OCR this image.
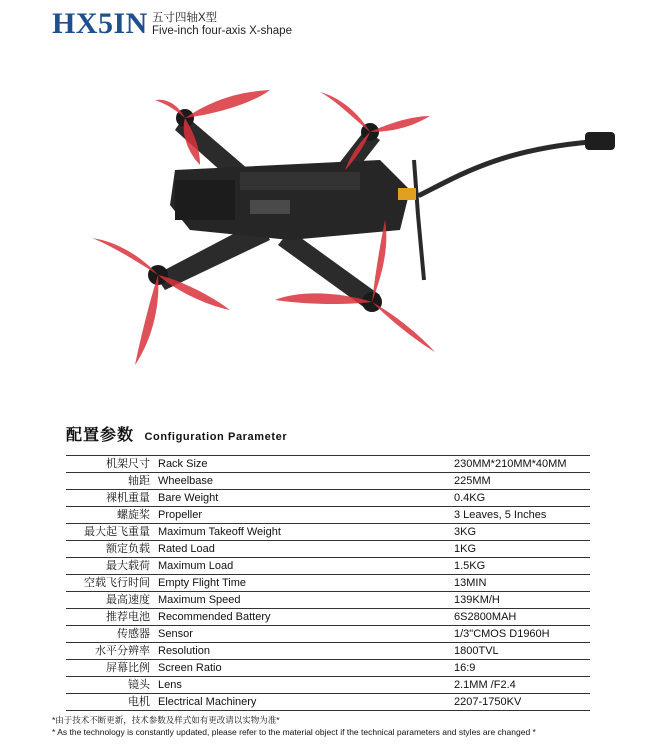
HX5IN 五寸四轴X型
Five-inch four-axis X-shape
配置参数 Configuration Parameter
机架尺寸	Rack Size	230MM*210MM*40MM
轴距	Wheelbase	225MM
裸机重量	Bare Weight	0.4KG
螺旋桨	Propeller	3 Leaves, 5 Inches
最大起飞重量	Maximum Takeoff Weight	3KG
额定负载	Rated Load	1KG
最大载荷	Maximum Load	1.5KG
空载飞行时间	Empty Flight Time	13MIN
最高速度	Maximum Speed	139KM/H
推荐电池	Recommended Battery	6S2800MAH
传感器	Sensor	1/3"CMOS D1960H
水平分辨率	Resolution	1800TVL
屏幕比例	Screen Ratio	16:9
镜头	Lens	2.1MM /F2.4
电机	Electrical Machinery	2207-1750KV
*由于技术不断更新，技术参数及样式如有更改请以实物为准*
* As the technology is constantly updated, please refer to the material object if the technical parameters and styles are changed *
